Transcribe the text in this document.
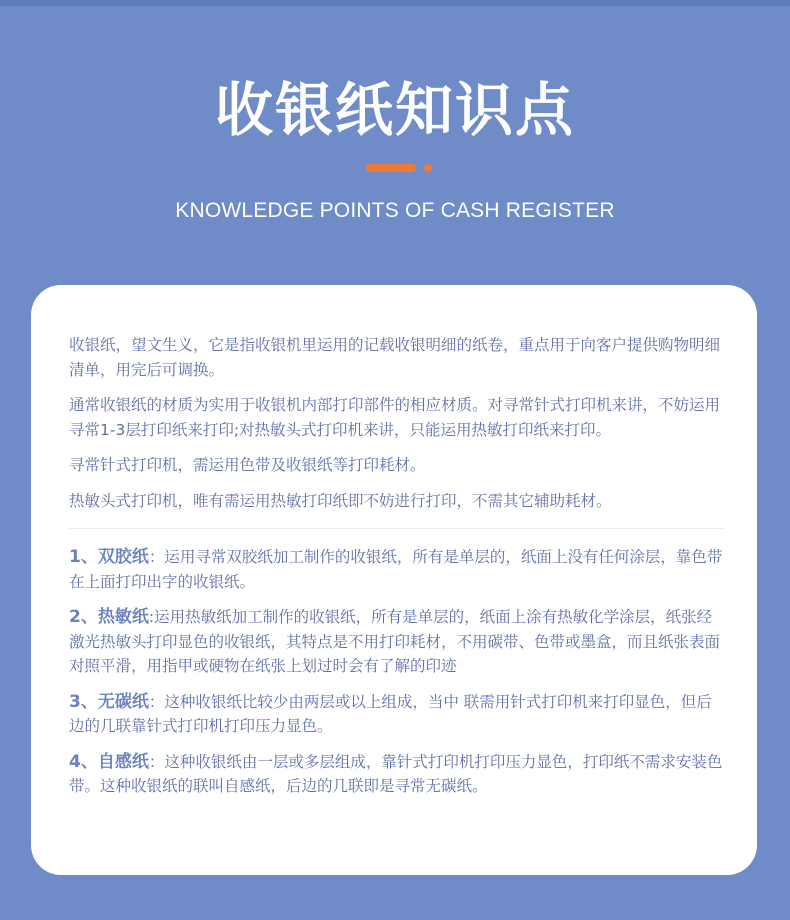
收银纸知识点
KNOWLEDGE POINTS OF CASH REGISTER

收银纸，望文生义，它是指收银机里运用的记载收银明细的纸卷，重点用于向客户提供购物明细清单，用完后可调换。

通常收银纸的材质为实用于收银机内部打印部件的相应材质。对寻常针式打印机来讲，不妨运用寻常1-3层打印纸来打印;对热敏头式打印机来讲，只能运用热敏打印纸来打印。

寻常针式打印机，需运用色带及收银纸等打印耗材。

热敏头式打印机，唯有需运用热敏打印纸即不妨进行打印，不需其它辅助耗材。

1、双胶纸：运用寻常双胶纸加工制作的收银纸，所有是单层的，纸面上没有任何涂层，靠色带在上面打印出字的收银纸。

2、热敏纸:运用热敏纸加工制作的收银纸，所有是单层的，纸面上涂有热敏化学涂层，纸张经激光热敏头打印显色的收银纸，其特点是不用打印耗材，不用碳带、色带或墨盒，而且纸张表面对照平滑，用指甲或硬物在纸张上划过时会有了解的印迹

3、无碳纸：这种收银纸比较少由两层或以上组成，当中 联需用针式打印机来打印显色，但后边的几联靠针式打印机打印压力显色。

4、自感纸：这种收银纸由一层或多层组成，靠针式打印机打印压力显色，打印纸不需求安装色带。这种收银纸的联叫自感纸，后边的几联即是寻常无碳纸。
